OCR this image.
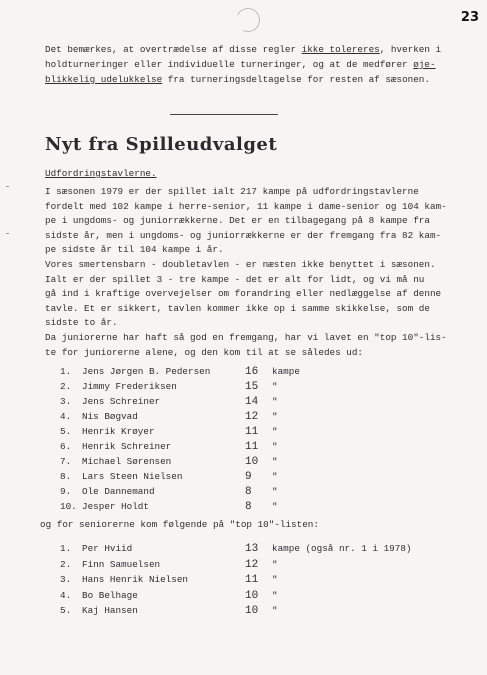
23
Det bemærkes, at overtrædelse af disse regler ikke tolereres, hverken i
holdturneringer eller individuelle turneringer, og at de medfører øje-
blikkelig udelukkelse fra turneringsdeltagelse for resten af sæsonen.
Nyt fra Spilleudvalget
Udfordringstavlerne.
I sæsonen 1979 er der spillet ialt 217 kampe på udfordringstavlerne
fordelt med 102 kampe i herre-senior, 11 kampe i dame-senior og 104 kam-
pe i ungdoms- og juniorrækkerne. Det er en tilbagegang på 8 kampe fra
sidste år, men i ungdoms- og juniorrækkerne er der fremgang fra 82 kam-
pe sidste år til 104 kampe i år.
Vores smertensbarn - doubletavlen - er næsten ikke benyttet i sæsonen.
Ialt er der spillet 3 - tre kampe - det er alt for lidt, og vi må nu
gå ind i kraftige overvejelser om forandring eller nedlæggelse af denne
tavle. Et er sikkert, tavlen kommer ikke op i samme skikkelse, som de
sidste to år.
Da juniorerne har haft så god en fremgang, har vi lavet en "top 10"-lis-
te for juniorerne alene, og den kom til at se således ud:
1. Jens Jørgen B. Pedersen	16 kampe
2. Jimmy Frederiksen	15 "
3. Jens Schreiner	14 "
4. Nis Bøgvad	12 "
5. Henrik Krøyer	11 "
6. Henrik Schreiner	11 "
7. Michael Sørensen	10 "
8. Lars Steen Nielsen	9 "
9. Ole Dannemand	8 "
10. Jesper Holdt	8 "
og for seniorerne kom følgende på "top 10"-listen:
1. Per Hviid	13 kampe (også nr. 1 i 1978)
2. Finn Samuelsen	12 "
3. Hans Henrik Nielsen	11 "
4. Bo Belhage	10 "
5. Kaj Hansen	10 "
